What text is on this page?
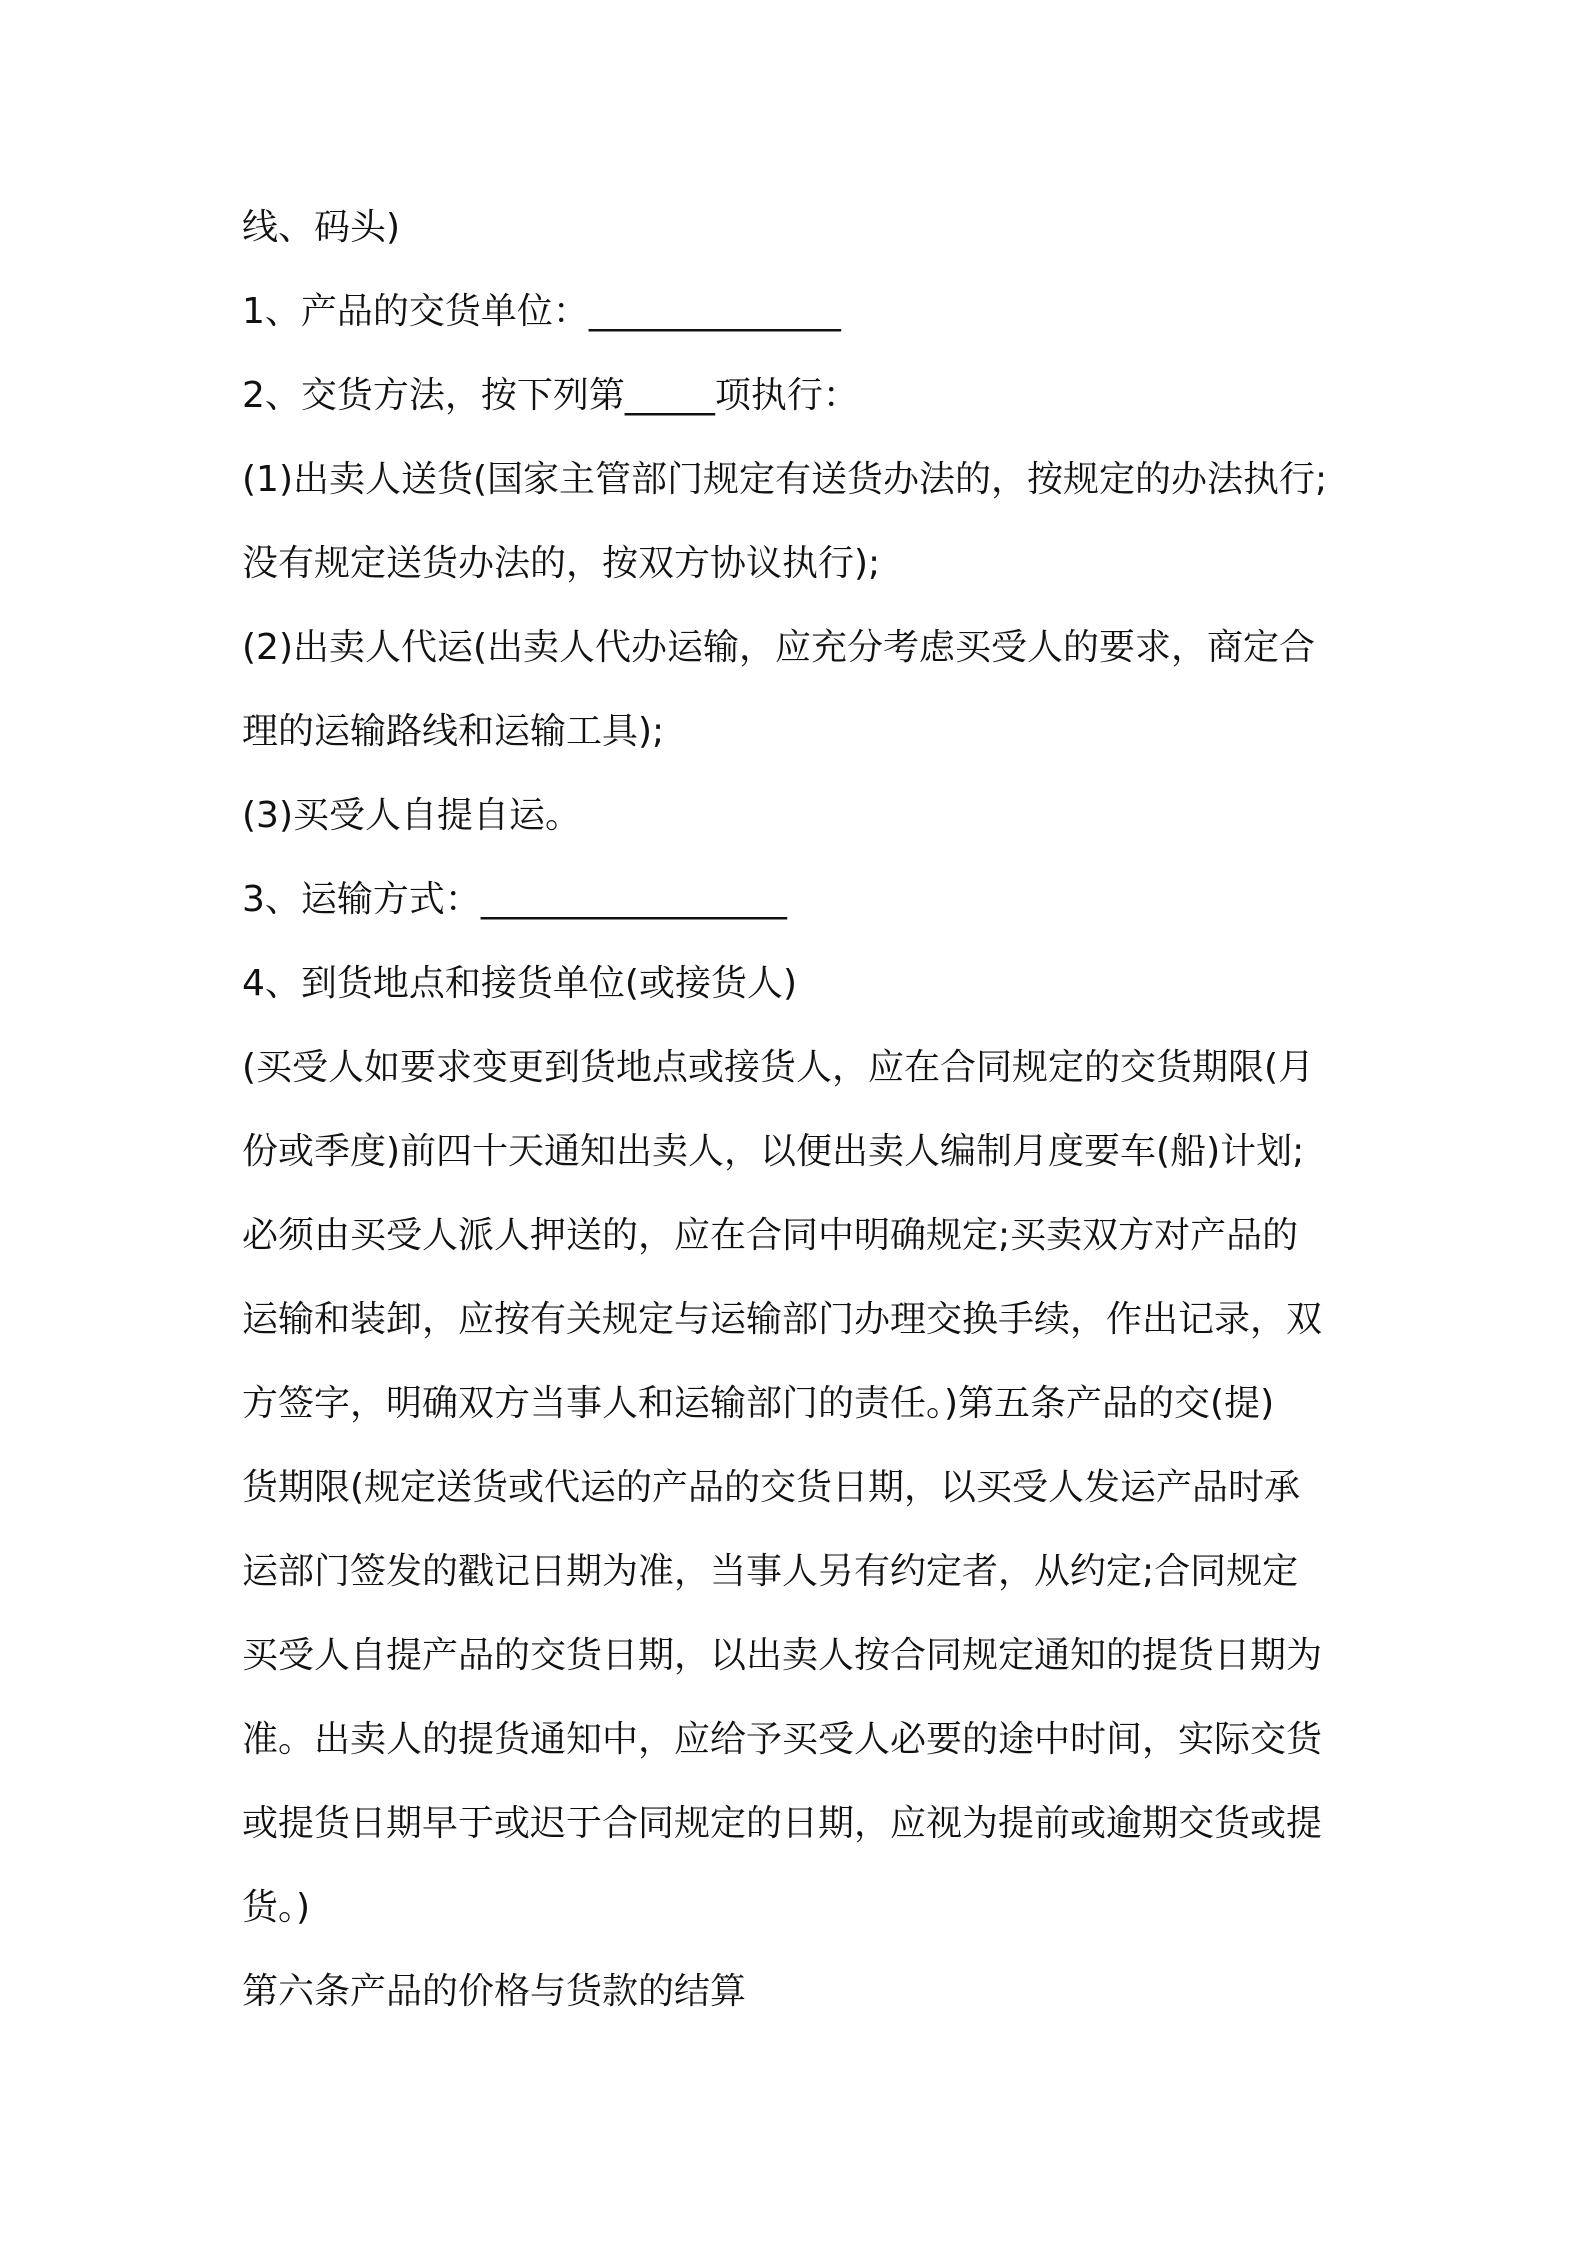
线、码头)
1、产品的交货单位：______________
2、交货方法，按下列第_____项执行：
(1)出卖人送货(国家主管部门规定有送货办法的，按规定的办法执行;
没有规定送货办法的，按双方协议执行);
(2)出卖人代运(出卖人代办运输，应充分考虑买受人的要求，商定合
理的运输路线和运输工具);
(3)买受人自提自运。
3、运输方式：_________________
4、到货地点和接货单位(或接货人)
(买受人如要求变更到货地点或接货人，应在合同规定的交货期限(月
份或季度)前四十天通知出卖人，以便出卖人编制月度要车(船)计划;
必须由买受人派人押送的，应在合同中明确规定;买卖双方对产品的
运输和装卸，应按有关规定与运输部门办理交换手续，作出记录，双
方签字，明确双方当事人和运输部门的责任。)第五条产品的交(提)
货期限(规定送货或代运的产品的交货日期，以买受人发运产品时承
运部门签发的戳记日期为准，当事人另有约定者，从约定;合同规定
买受人自提产品的交货日期，以出卖人按合同规定通知的提货日期为
准。出卖人的提货通知中，应给予买受人必要的途中时间，实际交货
或提货日期早于或迟于合同规定的日期，应视为提前或逾期交货或提
货。)
第六条产品的价格与货款的结算
